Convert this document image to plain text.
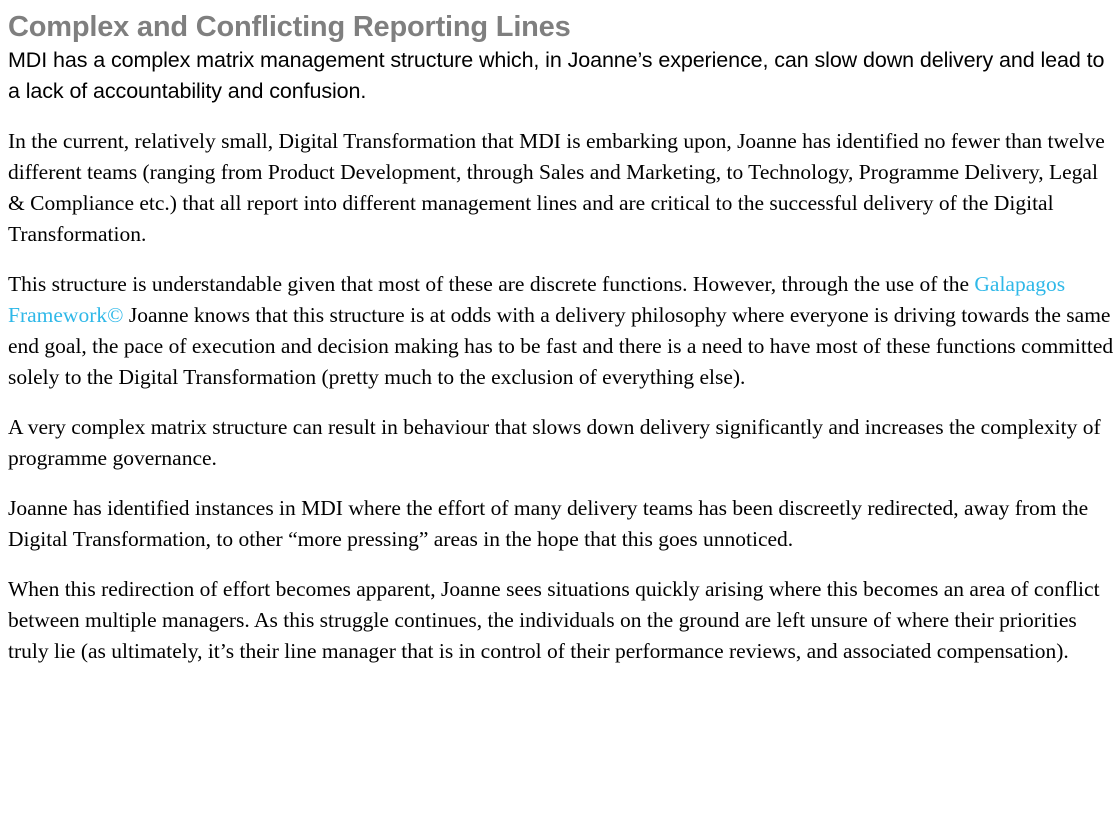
Complex and Conflicting Reporting Lines

MDI has a complex matrix management structure which, in Joanne’s experience, can slow down delivery and lead to a lack of accountability and confusion.

In the current, relatively small, Digital Transformation that MDI is embarking upon, Joanne has identified no fewer than twelve different teams (ranging from Product Development, through Sales and Marketing, to Technology, Programme Delivery, Legal & Compliance etc.) that all report into different management lines and are critical to the successful delivery of the Digital Transformation.

This structure is understandable given that most of these are discrete functions. However, through the use of the Galapagos Framework© Joanne knows that this structure is at odds with a delivery philosophy where everyone is driving towards the same end goal, the pace of execution and decision making has to be fast and there is a need to have most of these functions committed solely to the Digital Transformation (pretty much to the exclusion of everything else).

A very complex matrix structure can result in behaviour that slows down delivery significantly and increases the complexity of programme governance.

Joanne has identified instances in MDI where the effort of many delivery teams has been discreetly redirected, away from the Digital Transformation, to other “more pressing” areas in the hope that this goes unnoticed.

When this redirection of effort becomes apparent, Joanne sees situations quickly arising where this becomes an area of conflict between multiple managers. As this struggle continues, the individuals on the ground are left unsure of where their priorities truly lie (as ultimately, it’s their line manager that is in control of their performance reviews, and associated compensation).
